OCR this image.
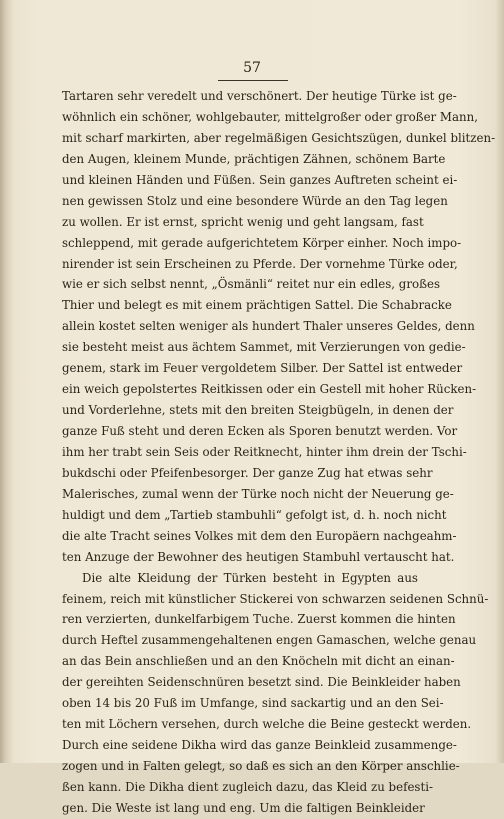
57
Tartaren sehr veredelt und verschönert. Der heutige Türke ist ge-
wöhnlich ein schöner, wohlgebauter, mittelgroßer oder großer Mann,
mit scharf markirten, aber regelmäßigen Gesichtszügen, dunkel blitzen-
den Augen, kleinem Munde, prächtigen Zähnen, schönem Barte
und kleinen Händen und Füßen. Sein ganzes Auftreten scheint ei-
nen gewissen Stolz und eine besondere Würde an den Tag legen
zu wollen. Er ist ernst, spricht wenig und geht langsam, fast
schleppend, mit gerade aufgerichtetem Körper einher. Noch impo-
nirender ist sein Erscheinen zu Pferde. Der vornehme Türke oder,
wie er sich selbst nennt, „Ösmänli“ reitet nur ein edles, großes
Thier und belegt es mit einem prächtigen Sattel. Die Schabracke
allein kostet selten weniger als hundert Thaler unseres Geldes, denn
sie besteht meist aus ächtem Sammet, mit Verzierungen von gedie-
genem, stark im Feuer vergoldetem Silber. Der Sattel ist entweder
ein weich gepolstertes Reitkissen oder ein Gestell mit hoher Rücken-
und Vorderlehne, stets mit den breiten Steigbügeln, in denen der
ganze Fuß steht und deren Ecken als Sporen benutzt werden. Vor
ihm her trabt sein Seis oder Reitknecht, hinter ihm drein der Tschi-
bukdschi oder Pfeifenbesorger. Der ganze Zug hat etwas sehr
Malerisches, zumal wenn der Türke noch nicht der Neuerung ge-
huldigt und dem „Tartieb stambuhli“ gefolgt ist, d. h. noch nicht
die alte Tracht seines Volkes mit dem den Europäern nachgeahm-
ten Anzuge der Bewohner des heutigen Stambuhl vertauscht hat.
Die alte Kleidung der Türken besteht in Egypten aus
feinem, reich mit künstlicher Stickerei von schwarzen seidenen Schnü-
ren verzierten, dunkelfarbigem Tuche. Zuerst kommen die hinten
durch Heftel zusammengehaltenen engen Gamaschen, welche genau
an das Bein anschließen und an den Knöcheln mit dicht an einan-
der gereihten Seidenschnüren besetzt sind. Die Beinkleider haben
oben 14 bis 20 Fuß im Umfange, sind sackartig und an den Sei-
ten mit Löchern versehen, durch welche die Beine gesteckt werden.
Durch eine seidene Dikha wird das ganze Beinkleid zusammenge-
zogen und in Falten gelegt, so daß es sich an den Körper anschlie-
ßen kann. Die Dikha dient zugleich dazu, das Kleid zu befesti-
gen. Die Weste ist lang und eng. Um die faltigen Beinkleider
